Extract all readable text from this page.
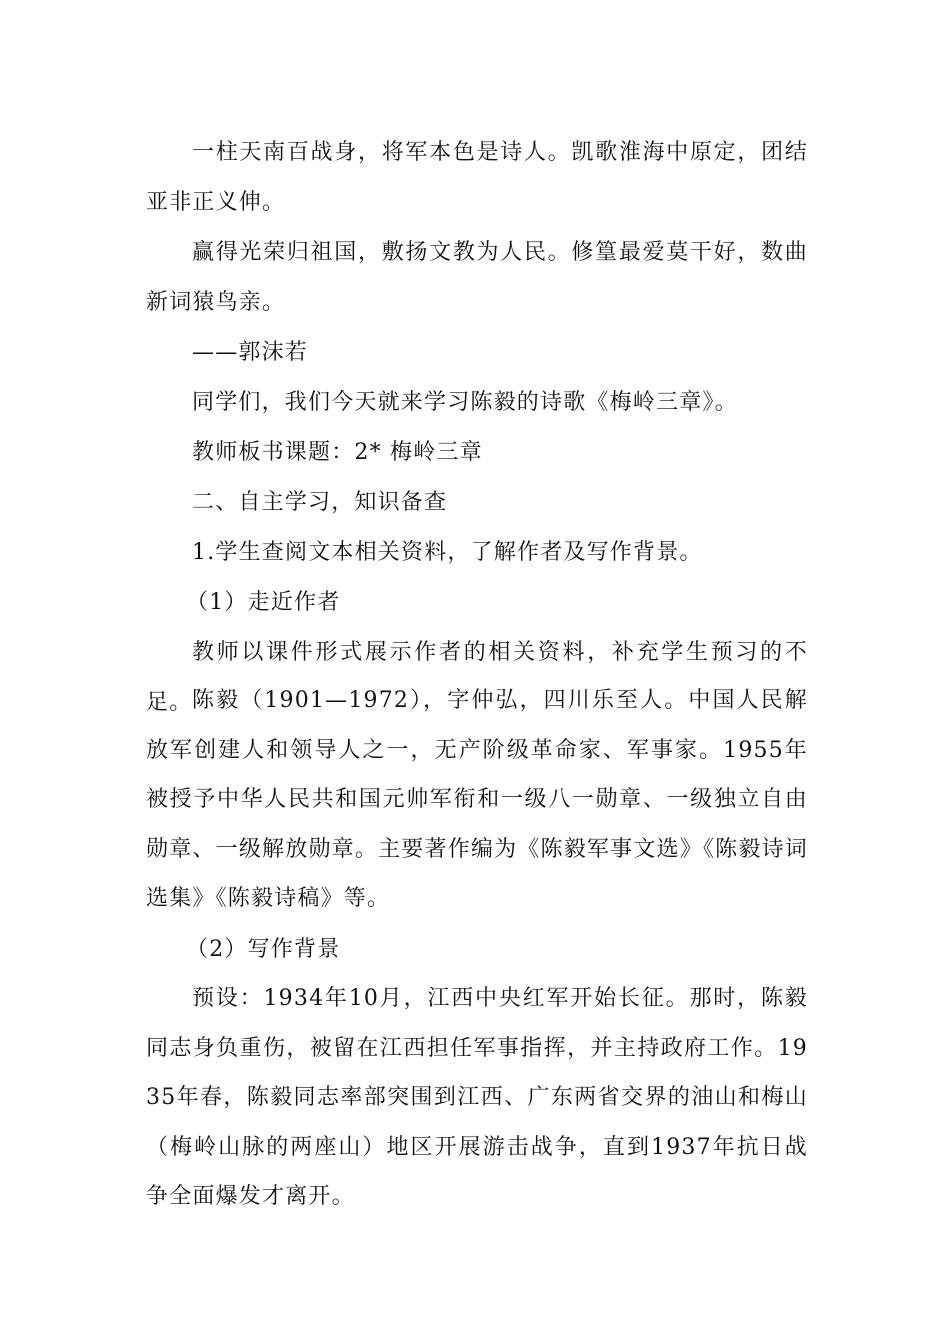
一柱天南百战身，将军本色是诗人。凯歌淮海中原定，团结亚非正义伸。

赢得光荣归祖国，敷扬文教为人民。修篁最爱莫干好，数曲新词猿鸟亲。

——郭沫若

同学们，我们今天就来学习陈毅的诗歌《梅岭三章》。

教师板书课题：2* 梅岭三章

二、自主学习，知识备查

1.学生查阅文本相关资料，了解作者及写作背景。

（1）走近作者

教师以课件形式展示作者的相关资料，补充学生预习的不足。 陈毅（1901—1972），字仲弘，四川乐至人。中国人民解放军创建人和领导人之一，无产阶级革命家、军事家。1955年被授予中华人民共和国元帅军衔和一级八一勋章、一级独立自由勋章、一级解放勋章。主要著作编为《陈毅军事文选》《陈毅诗词选集》《陈毅诗稿》等。

（2）写作背景

预设：1934年10月，江西中央红军开始长征。那时，陈毅同志身负重伤，被留在江西担任军事指挥，并主持政府工作。1935年春，陈毅同志率部突围到江西、广东两省交界的油山和梅山（梅岭山脉的两座山）地区开展游击战争，直到1937年抗日战争全面爆发才离开。
